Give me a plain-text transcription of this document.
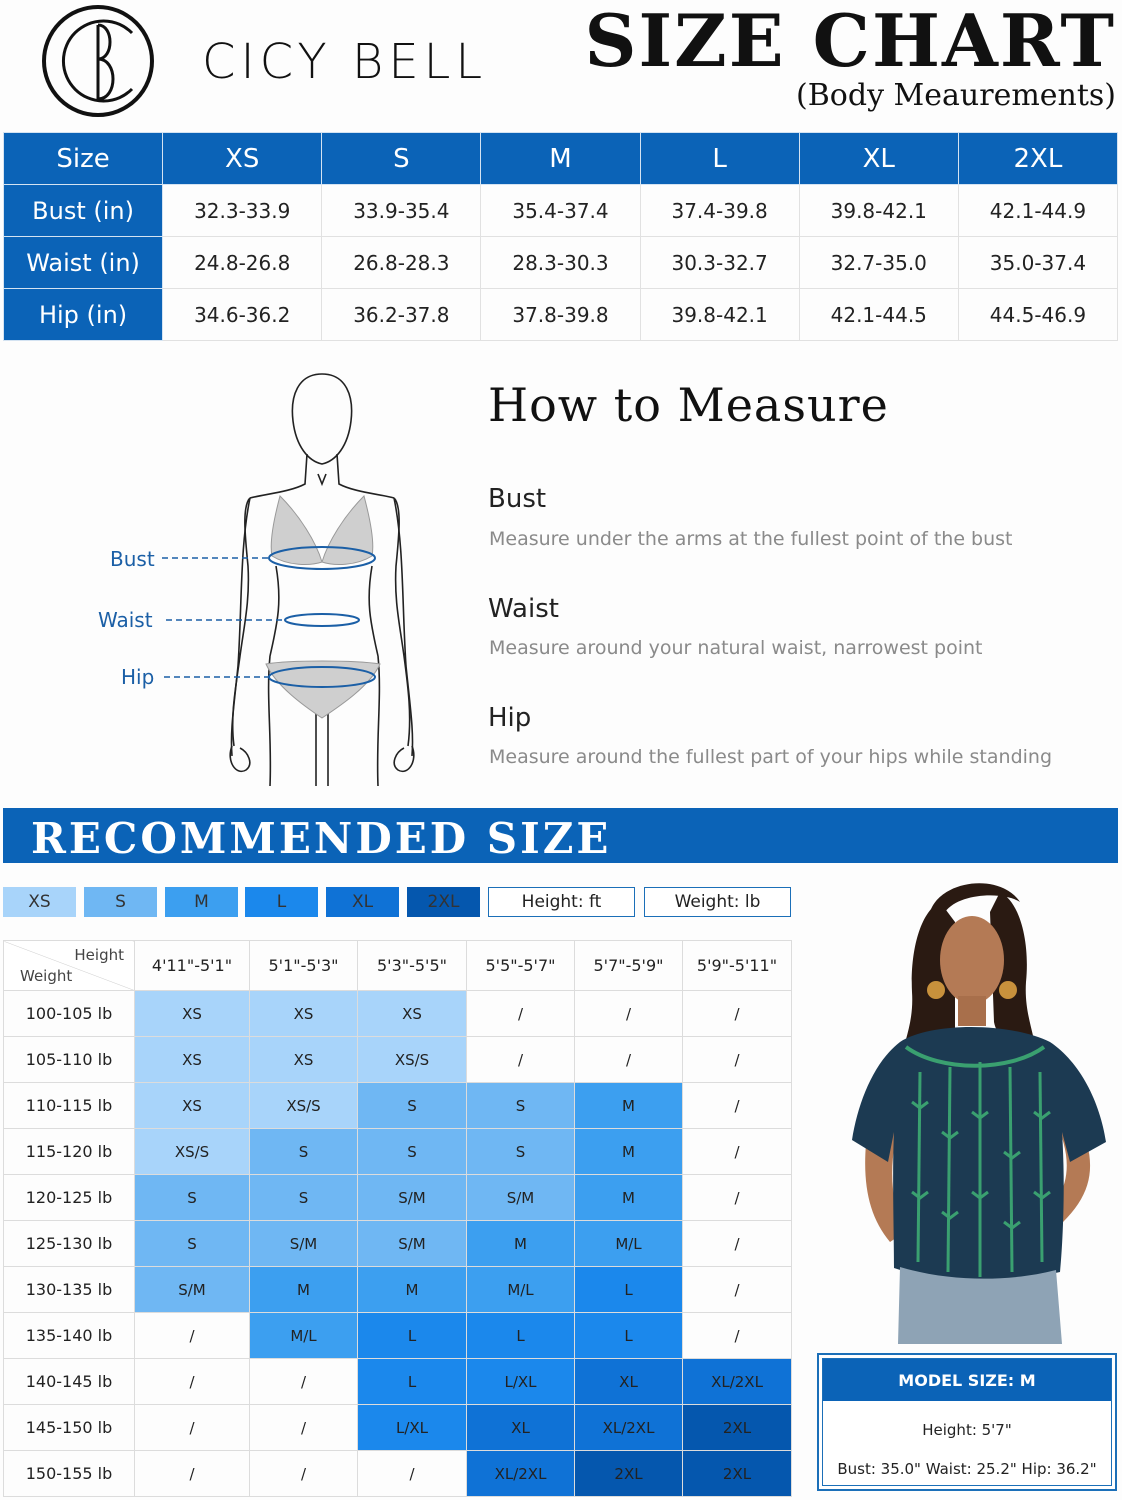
CB
CICY BELL SIZE CHART
(Body Meaurements)
Size	XS	S	M	L	XL	2XL
Bust (in)	32.3-33.9	33.9-35.4	35.4-37.4	37.4-39.8	39.8-42.1	42.1-44.9
Waist (in)	24.8-26.8	26.8-28.3	28.3-30.3	30.3-32.7	32.7-35.0	35.0-37.4
Hip (in)	34.6-36.2	36.2-37.8	37.8-39.8	39.8-42.1	42.1-44.5	44.5-46.9
Bust
Waist
Hip
How to Measure
Bust
Measure under the arms at the fullest point of the bust
Waist
Measure around your natural waist, narrowest point
Hip
Measure around the fullest part of your hips while standing
RECOMMENDED SIZE
XS	S	M	L	XL	2XL	Height: ft	Weight: lb
Height
Weight	4'11"-5'1"	5'1"-5'3"	5'3"-5'5"	5'5"-5'7"	5'7"-5'9"	5'9"-5'11"
100-105 lb	XS	XS	XS	/	/	/
105-110 lb	XS	XS	XS/S	/	/	/
110-115 lb	XS	XS/S	S	S	M	/
115-120 lb	XS/S	S	S	S	M	/
120-125 lb	S	S	S/M	S/M	M	/
125-130 lb	S	S/M	S/M	M	M/L	/
130-135 lb	S/M	M	M	M/L	L	/
135-140 lb	/	M/L	L	L	L	/
140-145 lb	/	/	L	L/XL	XL	XL/2XL
145-150 lb	/	/	L/XL	XL	XL/2XL	2XL
150-155 lb	/	/	/	XL/2XL	2XL	2XL
MODEL SIZE: M
Height: 5'7"
Bust: 35.0" Waist: 25.2" Hip: 36.2"
